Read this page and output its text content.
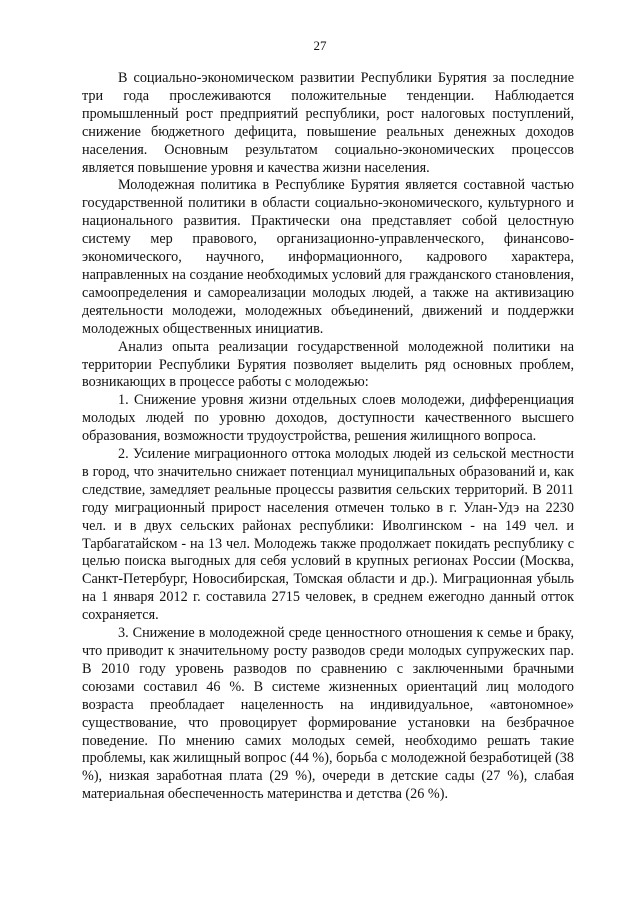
27

В социально-экономическом развитии Республики Бурятия за последние три года прослеживаются положительные тенденции. Наблюдается промышленный рост предприятий республики, рост налоговых поступлений, снижение бюджетного дефицита, повышение реальных денежных доходов населения. Основным результатом социально-экономических процессов является повышение уровня и качества жизни населения.

Молодежная политика в Республике Бурятия является составной частью государственной политики в области социально-экономического, культурного и национального развития. Практически она представляет собой целостную систему мер правового, организационно-управленческого, финансово-экономического, научного, информационного, кадрового характера, направленных на создание необходимых условий для гражданского становления, самоопределения и самореализации молодых людей, а также на активизацию деятельности молодежи, молодежных объединений, движений и поддержки молодежных общественных инициатив.

Анализ опыта реализации государственной молодежной политики на территории Республики Бурятия позволяет выделить ряд основных проблем, возникающих в процессе работы с молодежью:

1. Снижение уровня жизни отдельных слоев молодежи, дифференциация молодых людей по уровню доходов, доступности качественного высшего образования, возможности трудоустройства, решения жилищного вопроса.

2. Усиление миграционного оттока молодых людей из сельской местности в город, что значительно снижает потенциал муниципальных образований и, как следствие, замедляет реальные процессы развития сельских территорий. В 2011 году миграционный прирост населения отмечен только в г. Улан-Удэ на 2230 чел. и в двух сельских районах республики: Иволгинском - на 149 чел. и Тарбагатайском - на 13 чел. Молодежь также продолжает покидать республику с целью поиска выгодных для себя условий в крупных регионах России (Москва, Санкт-Петербург, Новосибирская, Томская области и др.). Миграционная убыль на 1 января 2012 г. составила 2715 человек, в среднем ежегодно данный отток сохраняется.

3. Снижение в молодежной среде ценностного отношения к семье и браку, что приводит к значительному росту разводов среди молодых супружеских пар. В 2010 году уровень разводов по сравнению с заключенными брачными союзами составил 46 %. В системе жизненных ориентаций лиц молодого возраста преобладает нацеленность на индивидуальное, «автономное» существование, что провоцирует формирование установки на безбрачное поведение. По мнению самих молодых семей, необходимо решать такие проблемы, как жилищный вопрос (44 %), борьба с молодежной безработицей (38 %), низкая заработная плата (29 %), очереди в детские сады (27 %), слабая материальная обеспеченность материнства и детства (26 %).
